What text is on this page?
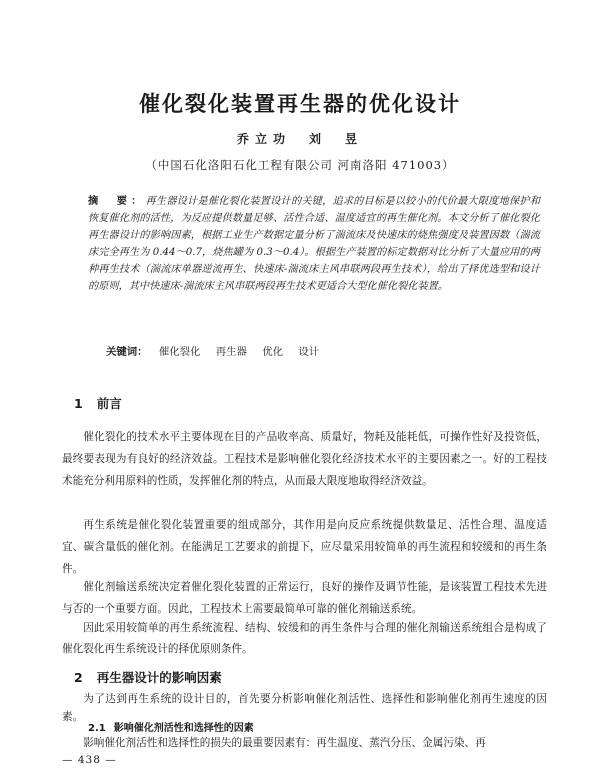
催化裂化装置再生器的优化设计
乔立功　刘　昱
（中国石化洛阳石化工程有限公司 河南洛阳 471003）
摘　要：再生器设计是催化裂化装置设计的关键，追求的目标是以较小的代价最大限度地保护和恢复催化剂的活性，为反应提供数量足够、活性合适、温度适宜的再生催化剂。本文分析了催化裂化再生器设计的影响因素，根据工业生产数据定量分析了湍流床及快速床的烧焦强度及装置因数（湍流床完全再生为 0.44～0.7，烧焦罐为 0.3～0.4）。根据生产装置的标定数据对比分析了大量应用的两种再生技术（湍流床单器逆流再生、快速床-湍流床主风串联两段再生技术），给出了择优选型和设计的原则，其中快速床-湍流床主风串联两段再生技术更适合大型化催化裂化装置。
关键词： 催化裂化 再生器 优化 设计
1 前言
催化裂化的技术水平主要体现在目的产品收率高、质量好，物耗及能耗低，可操作性好及投资低，最终要表现为有良好的经济效益。工程技术是影响催化裂化经济技术水平的主要因素之一。好的工程技术能充分利用原料的性质，发挥催化剂的特点，从而最大限度地取得经济效益。
再生系统是催化裂化装置重要的组成部分，其作用是向反应系统提供数量足、活性合理、温度适宜、碳含量低的催化剂。在能满足工艺要求的前提下，应尽量采用较简单的再生流程和较缓和的再生条件。
催化剂输送系统决定着催化裂化装置的正常运行，良好的操作及调节性能，是该装置工程技术先进与否的一个重要方面。因此，工程技术上需要最简单可靠的催化剂输送系统。
因此采用较简单的再生系统流程、结构、较缓和的再生条件与合理的催化剂输送系统组合是构成了催化裂化再生系统设计的择优原则条件。
2 再生器设计的影响因素
为了达到再生系统的设计目的，首先要分析影响催化剂活性、选择性和影响催化剂再生速度的因素。
2.1 影响催化剂活性和选择性的因素
影响催化剂活性和选择性的损失的最重要因素有：再生温度、蒸汽分压、金属污染、再
— 438 —
